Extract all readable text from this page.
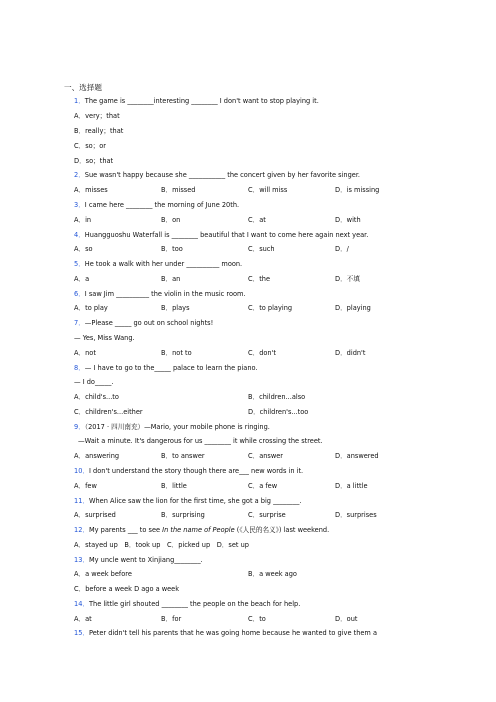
一、选择题
1．The game is ________interesting ________ I don't want to stop playing it.
A．very；that
B．really；that
C．so；or
D．so；that
2．Sue wasn't happy because she ___________ the concert given by her favorite singer.
A．misses	B．missed	C．will miss	D．is missing
3．I came here ________ the morning of June 20th.
A．in	B．on	C．at	D．with
4．Huangguoshu Waterfall is ________ beautiful that I want to come here again next year.
A．so	B．too	C．such	D．/
5．He took a walk with her under __________ moon.
A．a	B．an	C．the	D．不填
6．I saw Jim __________ the violin in the music room.
A．to play	B．plays	C．to playing	D．playing
7．—Please _____ go out on school nights!
— Yes, Miss Wang.
A．not	B．not to	C．don't	D．didn't
8．— I have to go to the_____ palace to learn the piano.
— I do_____.
A．child's...to	B．children...also
C．children's...either	D．children's...too
9．（2017 · 四川南充）—Mario, your mobile phone is ringing.
—Wait a minute. It's dangerous for us ________ it while crossing the street.
A．answering	B．to answer	C．answer	D．answered
10．I don't understand the story though there are___ new words in it.
A．few	B．little	C．a few	D．a little
11．When Alice saw the lion for the first time, she got a big ________.
A．surprised	B．surprising	C．surprise	D．surprises
12．My parents ___ to see In the name of People (《人民的名义》) last weekend.
A．stayed up　B．took up　C．picked up　D．set up
13．My uncle went to Xinjiang________.
A．a week before	B．a week ago
C．before a week D ago a week
14．The little girl shouted ________ the people on the beach for help.
A．at	B．for	C．to	D．out
15．Peter didn't tell his parents that he was going home because he wanted to give them a
